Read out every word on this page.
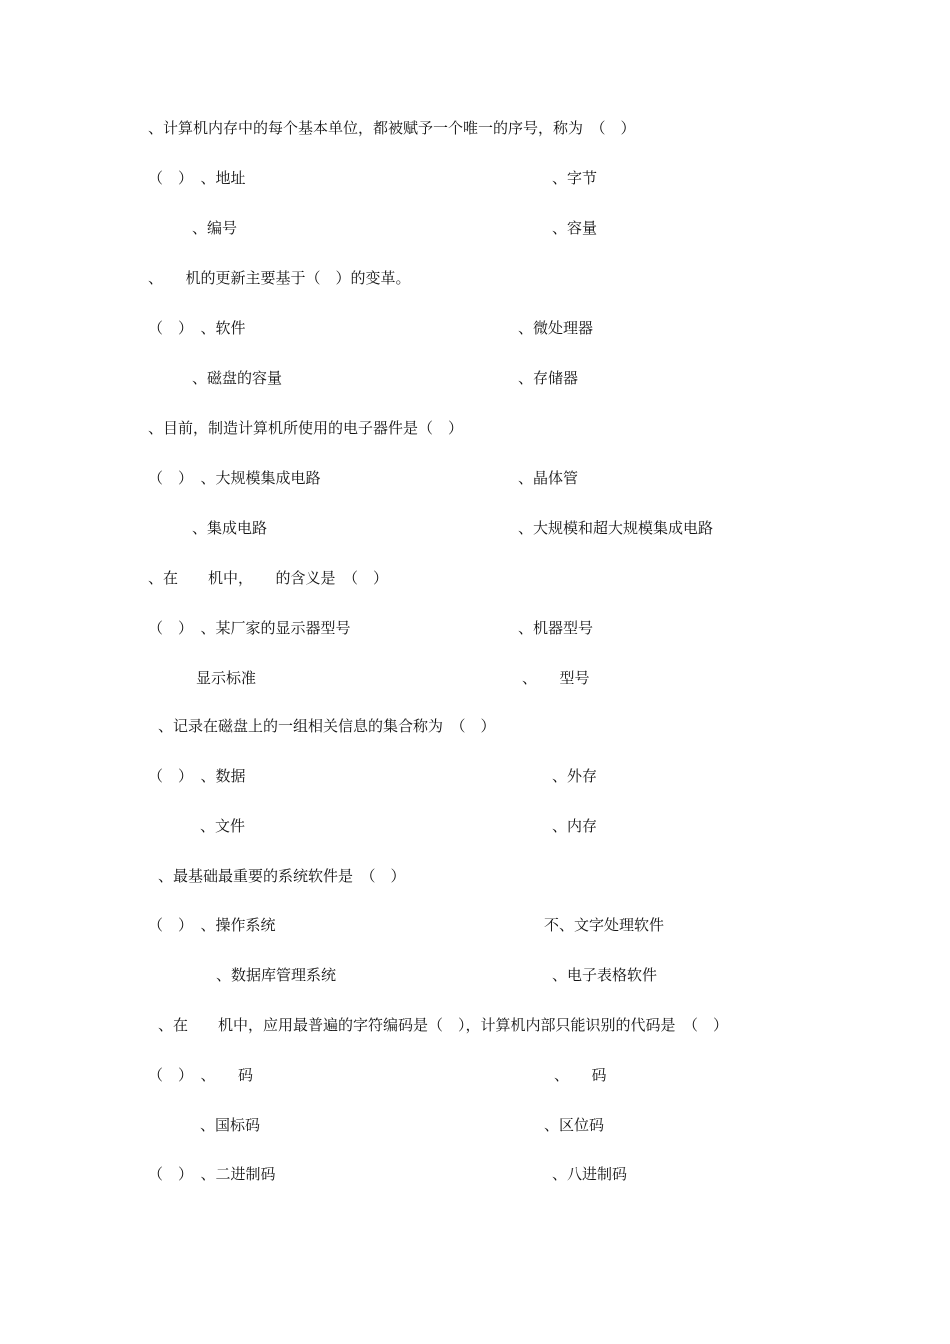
、计算机内存中的每个基本单位，都被赋予一个唯一的序号，称为　（　）
（　）　、地址	、字节
、编号	、容量
、　　机的更新主要基于（　）的变革。
（　）　、软件	、微处理器
、磁盘的容量	、存储器
、目前，制造计算机所使用的电子器件是（　）
（　）　、大规模集成电路	、晶体管
、集成电路	、大规模和超大规模集成电路
、在　　机中，　　的含义是　（　）
（　）　、某厂家的显示器型号	、机器型号
显示标准	、　　型号
、记录在磁盘上的一组相关信息的集合称为　（　）
（　）　、数据	、外存
、文件	、内存
、最基础最重要的系统软件是　（　）
（　）　、操作系统	不、文字处理软件
、数据库管理系统	、电子表格软件
、在　　机中，应用最普遍的字符编码是（　），计算机内部只能识别的代码是　（　）
（　）　、　　码	、　　码
、国标码	、区位码
（　）　、二进制码	、八进制码
